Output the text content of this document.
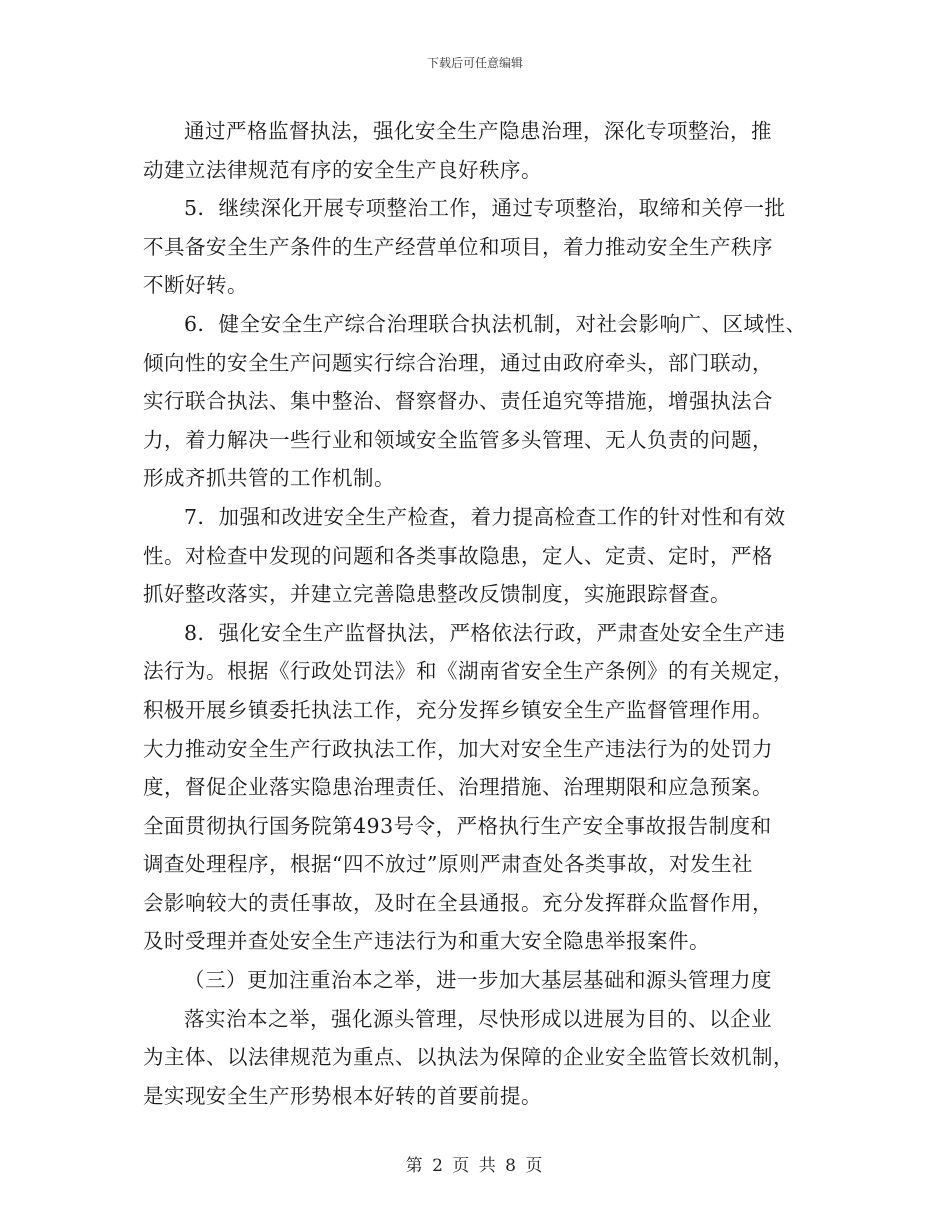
下载后可任意编辑
通过严格监督执法，强化安全生产隐患治理，深化专项整治，推
动建立法律规范有序的安全生产良好秩序。
5．继续深化开展专项整治工作，通过专项整治，取缔和关停一批
不具备安全生产条件的生产经营单位和项目，着力推动安全生产秩序
不断好转。
6．健全安全生产综合治理联合执法机制，对社会影响广、区域性、
倾向性的安全生产问题实行综合治理，通过由政府牵头，部门联动，
实行联合执法、集中整治、督察督办、责任追究等措施，增强执法合
力，着力解决一些行业和领域安全监管多头管理、无人负责的问题，
形成齐抓共管的工作机制。
7．加强和改进安全生产检查，着力提高检查工作的针对性和有效
性。对检查中发现的问题和各类事故隐患，定人、定责、定时，严格
抓好整改落实，并建立完善隐患整改反馈制度，实施跟踪督查。
8．强化安全生产监督执法，严格依法行政，严肃查处安全生产违
法行为。根据《行政处罚法》和《湖南省安全生产条例》的有关规定，
积极开展乡镇委托执法工作，充分发挥乡镇安全生产监督管理作用。
大力推动安全生产行政执法工作，加大对安全生产违法行为的处罚力
度，督促企业落实隐患治理责任、治理措施、治理期限和应急预案。
全面贯彻执行国务院第493号令，严格执行生产安全事故报告制度和
调查处理程序，根据“四不放过”原则严肃查处各类事故，对发生社
会影响较大的责任事故，及时在全县通报。充分发挥群众监督作用，
及时受理并查处安全生产违法行为和重大安全隐患举报案件。
（三）更加注重治本之举，进一步加大基层基础和源头管理力度
落实治本之举，强化源头管理，尽快形成以进展为目的、以企业
为主体、以法律规范为重点、以执法为保障的企业安全监管长效机制，
是实现安全生产形势根本好转的首要前提。
第 2 页 共 8 页
